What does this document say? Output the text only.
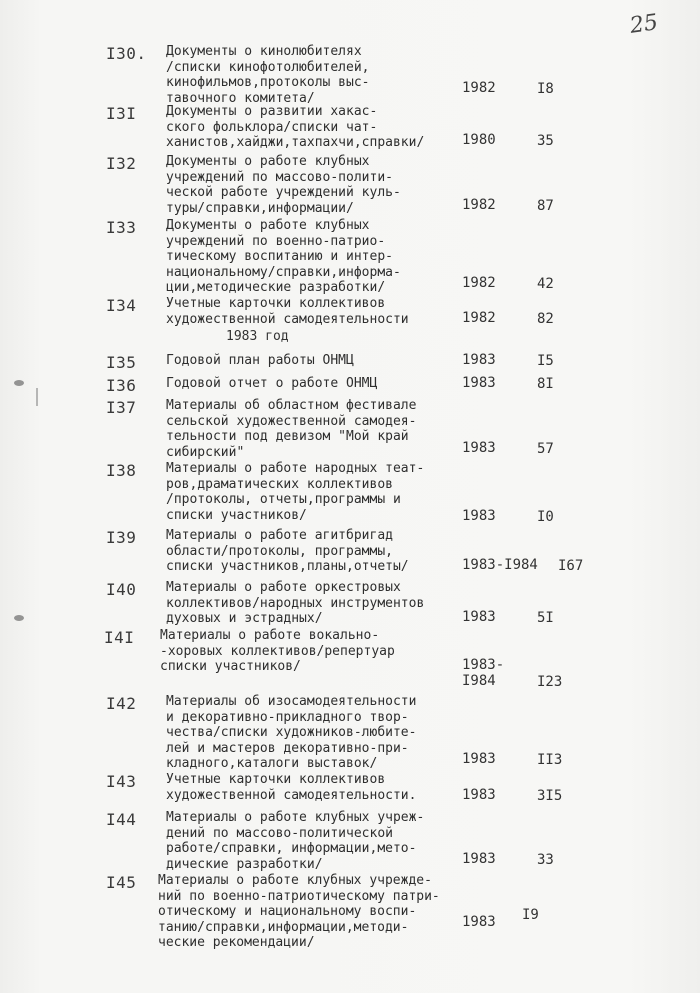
25
1983 год
I30. Документы о кинолюбителях
/списки кинофотолюбителей,
кинофильмов,протоколы выс-
тавочного комитета/
1982	I8
I3I Документы о развитии хакас-
ского фольклора/списки чат-
ханистов,хайджи,тахпахчи,справки/	1980	35
I32 Документы о работе клубных
учреждений по массово-полити-
ческой работе учреждений куль-
туры/справки,информации/	1982	87
I33 Документы о работе клубных
учреждений по военно-патрио-
тическому воспитанию и интер-
национальному/справки,информа-
ции,методические разработки/	1982	42
I34 Учетные карточки коллективов
художественной самодеятельности	1982	82
I35 Годовой план работы ОНМЦ	1983	I5
I36 Годовой отчет о работе ОНМЦ	1983	8I
I37 Материалы об областном фестивале
сельской художественной самодея-
тельности под девизом "Мой край
сибирский"	1983	57
I38 Материалы о работе народных теат-
ров,драматических коллективов
/протоколы, отчеты,программы и
списки участников/	1983	I0
I39 Материалы о работе агитбригад
области/протоколы, программы,
списки участников,планы,отчеты/	1983-I984 I67
I40 Материалы о работе оркестровых
коллективов/народных инструментов
духовых и эстрадных/	1983	5I
I4I Материалы о работе вокально-
-хоровых коллективов/репертуар
списки участников/	1983-
I984	I23
I42 Материалы об изосамодеятельности
и декоративно-прикладного твор-
чества/списки художников-любите-
лей и мастеров декоративно-при-
кладного,каталоги выставок/	1983	II3
I43 Учетные карточки коллективов
художественной самодеятельности.	1983	3I5
I44 Материалы о работе клубных учреж-
дений по массово-политической
работе/справки, информации,мето-
дические разработки/	1983	33
I45 Материалы о работе клубных учрежде-
ний по военно-патриотическому патри-
отическому и национальному воспи-
танию/справки,информации,методи-
ческие рекомендации/
1983 I9
